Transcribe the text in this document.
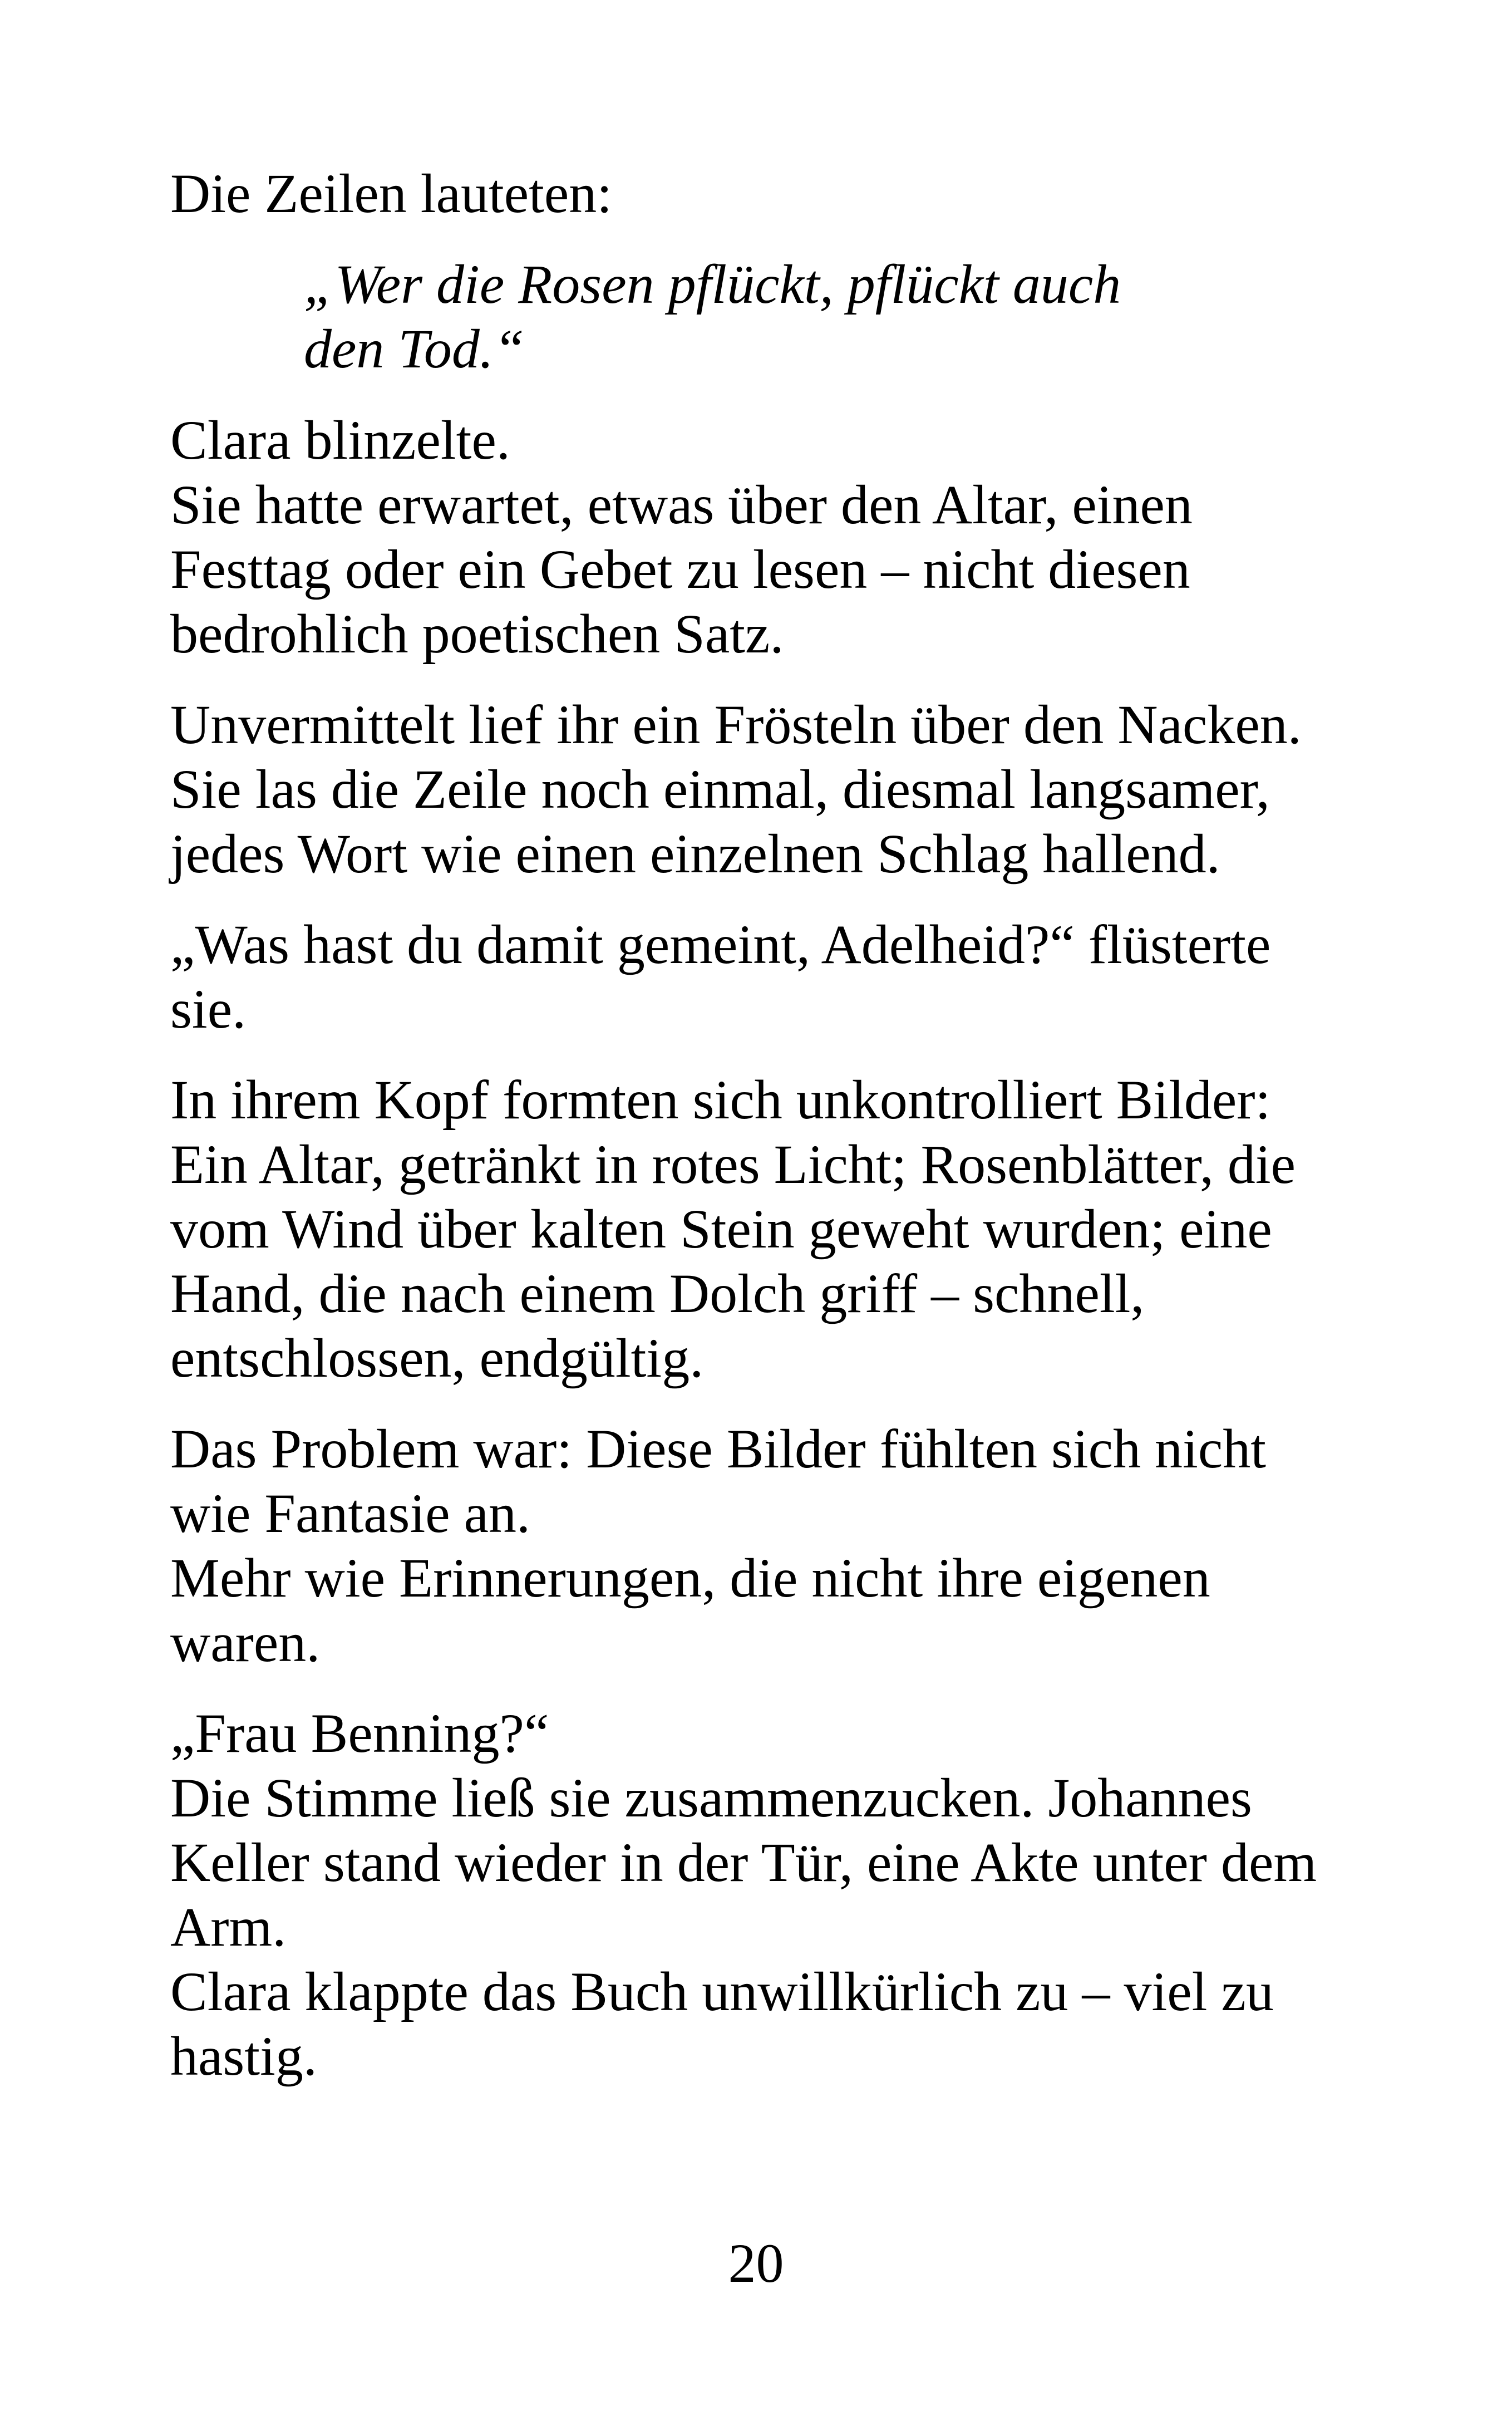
Die Zeilen lauteten:

„Wer die Rosen pflückt, pflückt auch
den Tod.“

Clara blinzelte.
Sie hatte erwartet, etwas über den Altar, einen
Festtag oder ein Gebet zu lesen – nicht diesen
bedrohlich poetischen Satz.

Unvermittelt lief ihr ein Frösteln über den Nacken.
Sie las die Zeile noch einmal, diesmal langsamer,
jedes Wort wie einen einzelnen Schlag hallend.

„Was hast du damit gemeint, Adelheid?“ flüsterte
sie.

In ihrem Kopf formten sich unkontrolliert Bilder:
Ein Altar, getränkt in rotes Licht; Rosenblätter, die
vom Wind über kalten Stein geweht wurden; eine
Hand, die nach einem Dolch griff – schnell,
entschlossen, endgültig.

Das Problem war: Diese Bilder fühlten sich nicht
wie Fantasie an.
Mehr wie Erinnerungen, die nicht ihre eigenen
waren.

„Frau Benning?“
Die Stimme ließ sie zusammenzucken. Johannes
Keller stand wieder in der Tür, eine Akte unter dem
Arm.
Clara klappte das Buch unwillkürlich zu – viel zu
hastig.

20
